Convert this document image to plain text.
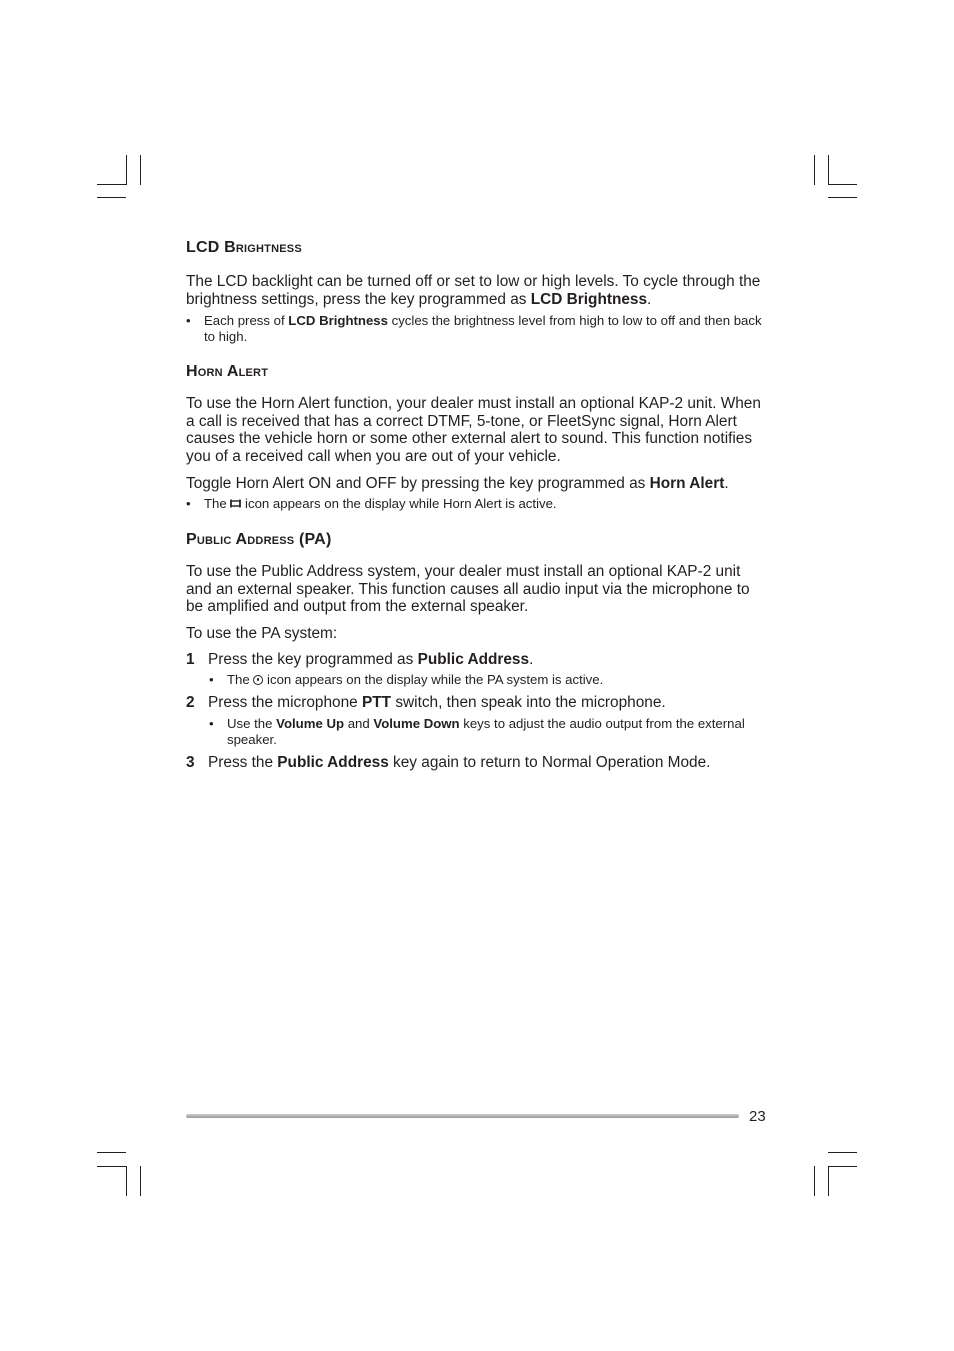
LCD Brightness

The LCD backlight can be turned off or set to low or high levels. To cycle through the brightness settings, press the key programmed as LCD Brightness.

• Each press of LCD Brightness cycles the brightness level from high to low to off and then back to high.
Horn Alert

To use the Horn Alert function, your dealer must install an optional KAP-2 unit. When a call is received that has a correct DTMF, 5-tone, or FleetSync signal, Horn Alert causes the vehicle horn or some other external alert to sound. This function notifies you of a received call when you are out of your vehicle.

Toggle Horn Alert ON and OFF by pressing the key programmed as Horn Alert.

• The  icon appears on the display while Horn Alert is active.
Public Address (PA)

To use the Public Address system, your dealer must install an optional KAP-2 unit and an external speaker. This function causes all audio input via the microphone to be amplified and output from the external speaker.

To use the PA system:

1 Press the key programmed as Public Address.
• The  icon appears on the display while the PA system is active.
2 Press the microphone PTT switch, then speak into the microphone.
• Use the Volume Up and Volume Down keys to adjust the audio output from the external speaker.
3 Press the Public Address key again to return to Normal Operation Mode.
23
